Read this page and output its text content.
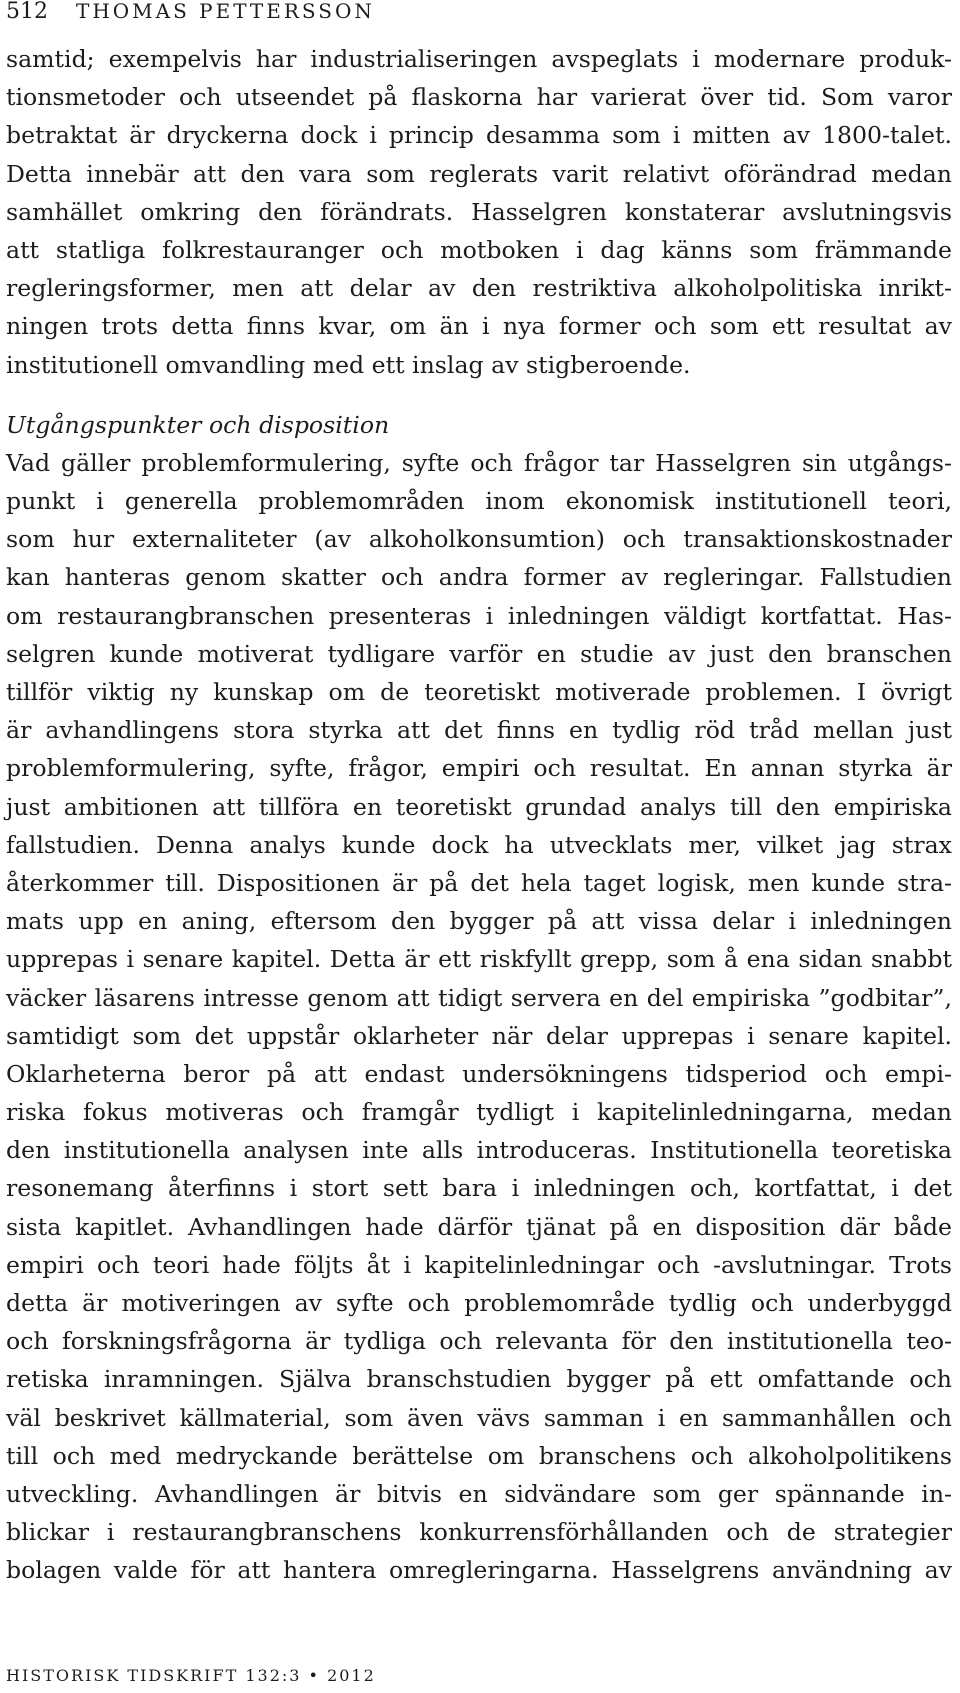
512 THOMAS PETTERSSON
samtid; exempelvis har industrialiseringen avspeglats i modernare produk-
tionsmetoder och utseendet på flaskorna har varierat över tid. Som varor
betraktat är dryckerna dock i princip desamma som i mitten av 1800-talet.
Detta innebär att den vara som reglerats varit relativt oförändrad medan
samhället omkring den förändrats. Hasselgren konstaterar avslutningsvis
att statliga folkrestauranger och motboken i dag känns som främmande
regleringsformer, men att delar av den restriktiva alkoholpolitiska inrikt-
ningen trots detta finns kvar, om än i nya former och som ett resultat av
institutionell omvandling med ett inslag av stigberoende.
Utgångspunkter och disposition
Vad gäller problemformulering, syfte och frågor tar Hasselgren sin utgångs-
punkt i generella problemområden inom ekonomisk institutionell teori,
som hur externaliteter (av alkoholkonsumtion) och transaktionskostnader
kan hanteras genom skatter och andra former av regleringar. Fallstudien
om restaurangbranschen presenteras i inledningen väldigt kortfattat. Has-
selgren kunde motiverat tydligare varför en studie av just den branschen
tillför viktig ny kunskap om de teoretiskt motiverade problemen. I övrigt
är avhandlingens stora styrka att det finns en tydlig röd tråd mellan just
problemformulering, syfte, frågor, empiri och resultat. En annan styrka är
just ambitionen att tillföra en teoretiskt grundad analys till den empiriska
fallstudien. Denna analys kunde dock ha utvecklats mer, vilket jag strax
återkommer till. Dispositionen är på det hela taget logisk, men kunde stra-
mats upp en aning, eftersom den bygger på att vissa delar i inledningen
upprepas i senare kapitel. Detta är ett riskfyllt grepp, som å ena sidan snabbt
väcker läsarens intresse genom att tidigt servera en del empiriska ”godbitar”,
samtidigt som det uppstår oklarheter när delar upprepas i senare kapitel.
Oklarheterna beror på att endast undersökningens tidsperiod och empi-
riska fokus motiveras och framgår tydligt i kapitelinledningarna, medan
den institutionella analysen inte alls introduceras. Institutionella teoretiska
resonemang återfinns i stort sett bara i inledningen och, kortfattat, i det
sista kapitlet. Avhandlingen hade därför tjänat på en disposition där både
empiri och teori hade följts åt i kapitelinledningar och -avslutningar. Trots
detta är motiveringen av syfte och problemområde tydlig och underbyggd
och forskningsfrågorna är tydliga och relevanta för den institutionella teo-
retiska inramningen. Själva branschstudien bygger på ett omfattande och
väl beskrivet källmaterial, som även vävs samman i en sammanhållen och
till och med medryckande berättelse om branschens och alkoholpolitikens
utveckling. Avhandlingen är bitvis en sidvändare som ger spännande in-
blickar i restaurangbranschens konkurrensförhållanden och de strategier
bolagen valde för att hantera omregleringarna. Hasselgrens användning av
HISTORISK TIDSKRIFT 132:3 • 2012
